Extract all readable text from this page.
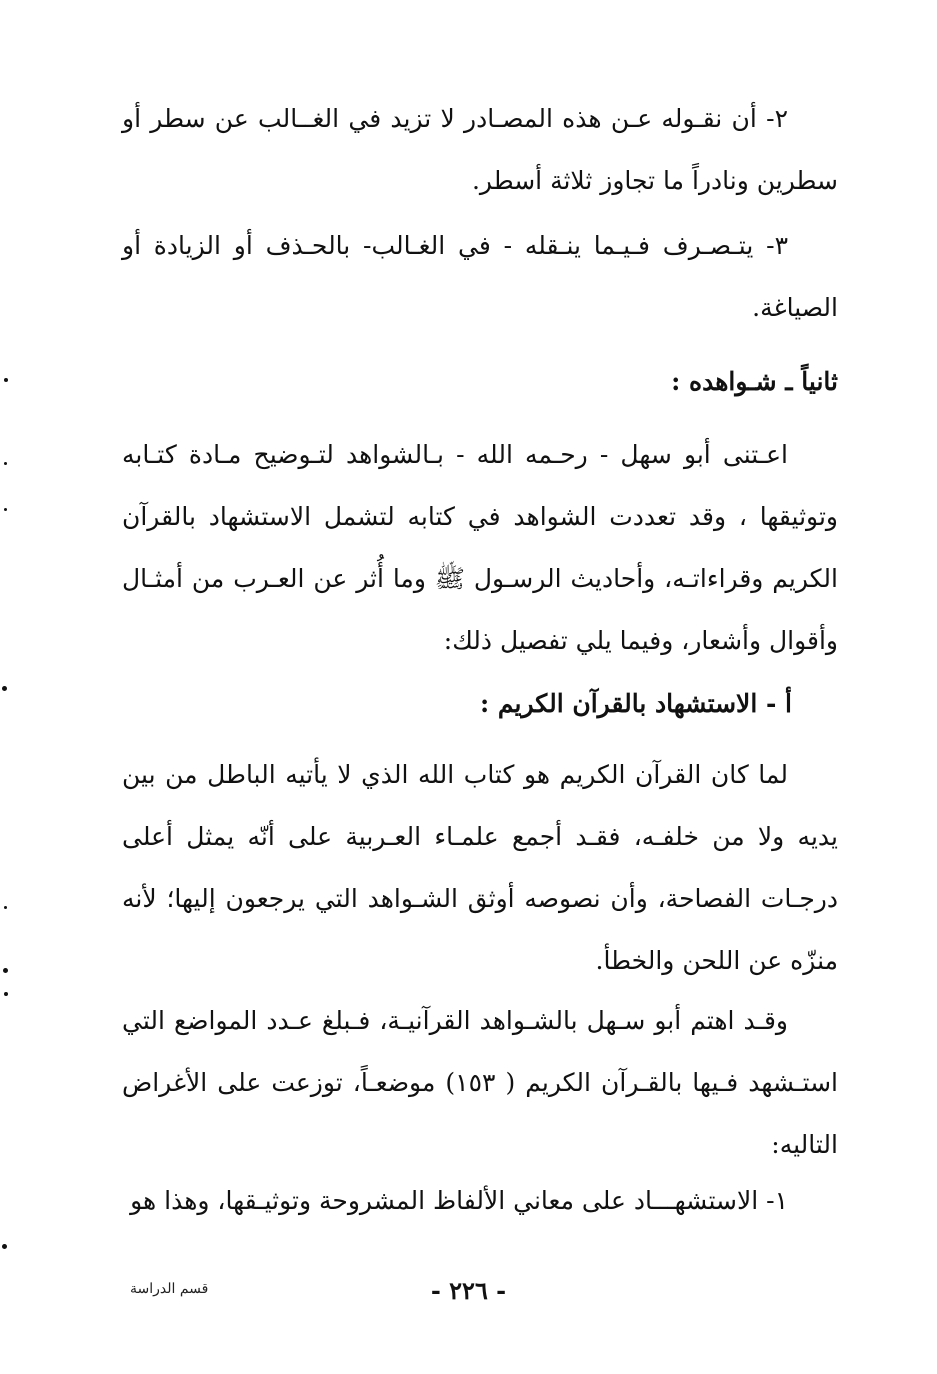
٢- أن نقـوله عـن هذه المصـادر لا تزيد في الغــالب عن سطر أو سطرين ونادراً ما تجاوز ثلاثة أسطر.

٣- يتـصـرف فـيـما ينـقله - في الغـالب- بالحـذف أو الزيادة أو الصياغة.

ثانياً ـ شـواهده :

اعـتنى أبو سهل - رحـمه الله - بـالشواهد لتـوضيح مـادة كتـابه وتوثيقها ، وقد تعددت الشواهد في كتابه لتشمل الاستشهاد بالقرآن الكريم وقراءاتـه، وأحاديث الرسـول ﷺ وما أُثر عن العـرب من أمثـال وأقوال وأشعار، وفيما يلي تفصيل ذلك:

أ - الاستشهاد بالقرآن الكريم :

لما كان القرآن الكريم هو كتاب الله الذي لا يأتيه الباطل من بين يديه ولا من خلفـه، فقـد أجمع علمـاء العـربية على أنّه يمثل أعلى درجـات الفصاحة، وأن نصوصه أوثق الشـواهد التي يرجعون إليها؛ لأنه منزّه عن اللحن والخطأ.

وقـد اهتم أبو سـهل بالشـواهد القرآنيـة، فـبلغ عـدد المواضع التي استـشهد فـيها بالقـرآن الكريم ( ١٥٣) موضعـاً، توزعت على الأغراض التاليه:

١- الاستشهـــاد على معاني الألفاظ المشروحة وتوثيـقها، وهذا هو

- ٢٢٦ -
قسم الدراسة
